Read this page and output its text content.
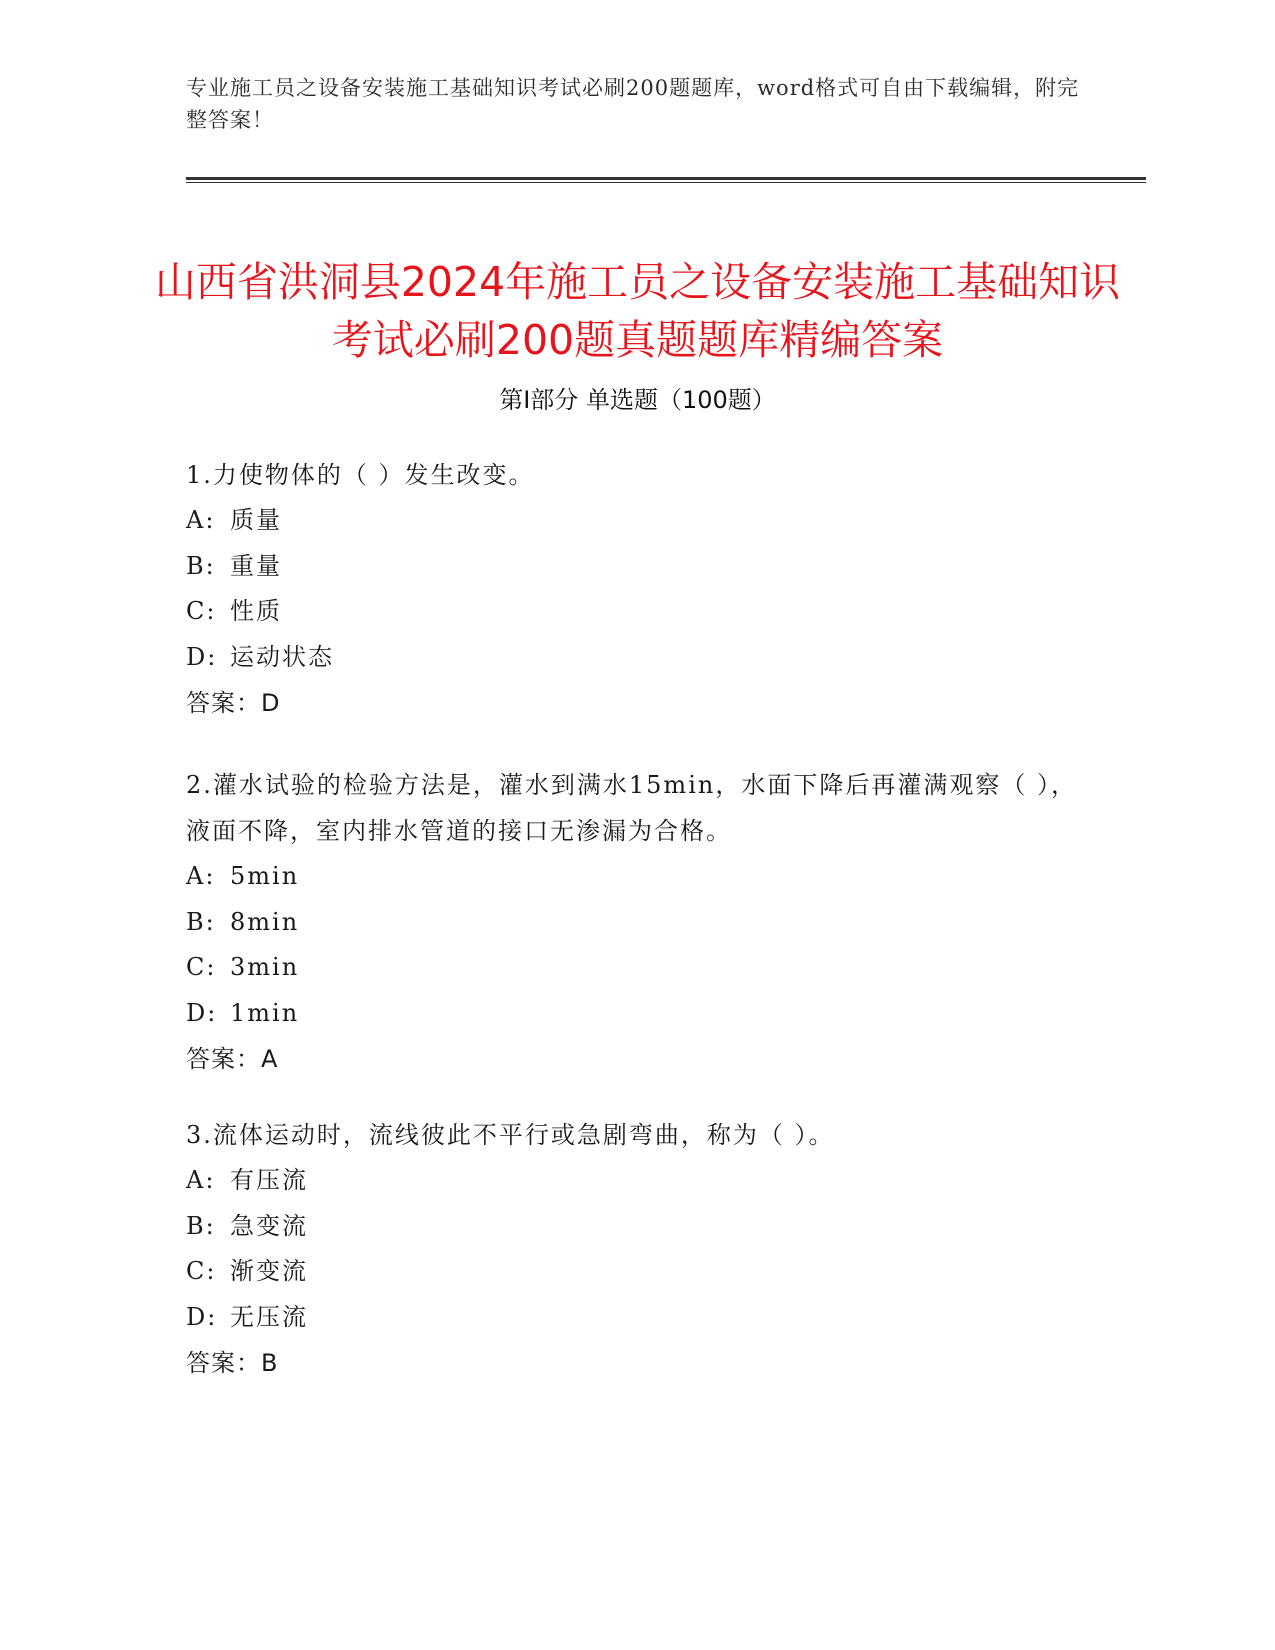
专业施工员之设备安装施工基础知识考试必刷200题题库，word格式可自由下载编辑，附完整答案！
山西省洪洞县2024年施工员之设备安装施工基础知识考试必刷200题真题题库精编答案
第Ⅰ部分 单选题（100题）

1.力使物体的（ ）发生改变。

A: 质量

B: 重量

C: 性质

D: 运动状态

答案：D

2.灌水试验的检验方法是，灌水到满水15min，水面下降后再灌满观察（ ），液面不降，室内排水管道的接口无渗漏为合格。

A: 5min

B: 8min

C: 3min

D: 1min

答案：A

3.流体运动时，流线彼此不平行或急剧弯曲，称为（ ）。

A: 有压流

B: 急变流

C: 渐变流

D: 无压流

答案：B
